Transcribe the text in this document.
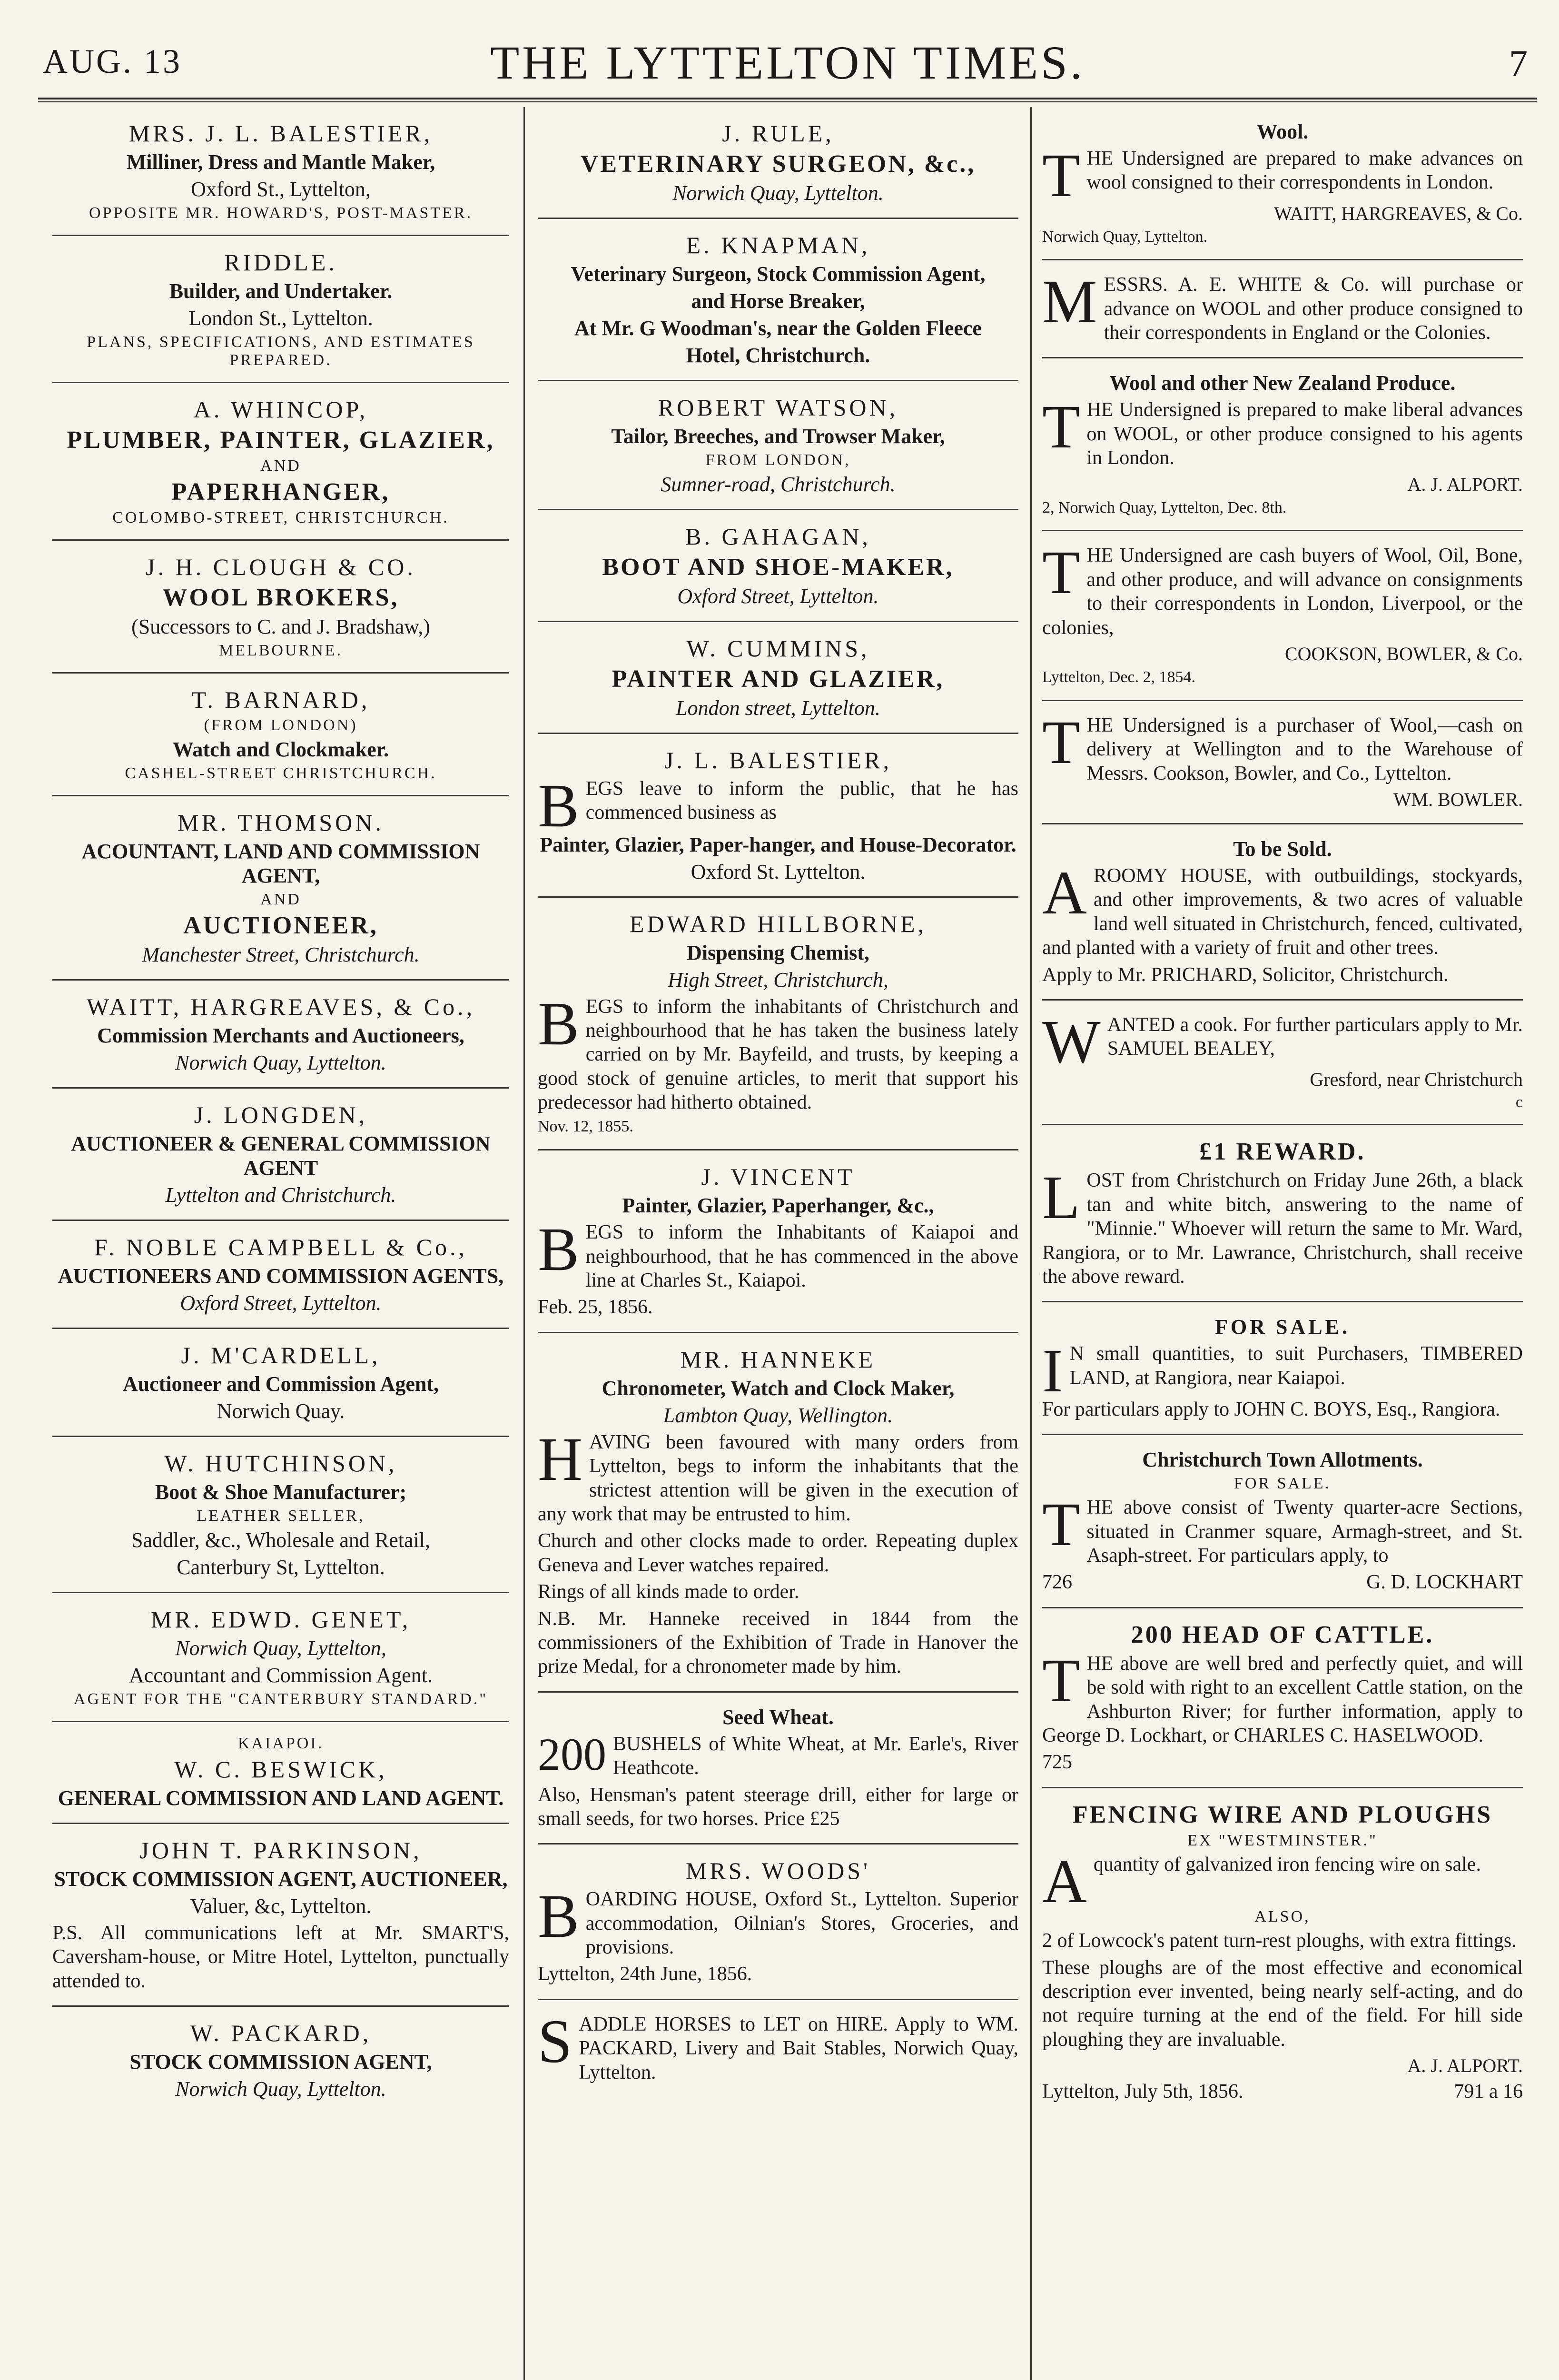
AUG. 13	THE LYTTELTON TIMES.	7

MRS. J. L. BALESTIER,

Milliner, Dress and Mantle Maker,

Oxford St., Lyttelton,

OPPOSITE MR. HOWARD'S, POST-MASTER.

RIDDLE.

Builder, and Undertaker.

London St., Lyttelton.

PLANS, SPECIFICATIONS, AND ESTIMATES PREPARED.

A. WHINCOP,

PLUMBER, PAINTER, GLAZIER,

AND

PAPERHANGER,

COLOMBO-STREET, CHRISTCHURCH.

J. H. CLOUGH & CO.

WOOL BROKERS,

(Successors to C. and J. Bradshaw,)

MELBOURNE.

T. BARNARD,

(FROM LONDON)

Watch and Clockmaker.

CASHEL-STREET CHRISTCHURCH.

MR. THOMSON.

ACOUNTANT, LAND AND COMMISSION AGENT,

AND

AUCTIONEER,

Manchester Street, Christchurch.

WAITT, HARGREAVES, & Co.,

Commission Merchants and Auctioneers,

Norwich Quay, Lyttelton.

J. LONGDEN,

AUCTIONEER & GENERAL COMMISSION AGENT

Lyttelton and Christchurch.

F. NOBLE CAMPBELL & Co.,

AUCTIONEERS AND COMMISSION AGENTS,

Oxford Street, Lyttelton.

J. M'CARDELL,

Auctioneer and Commission Agent,

Norwich Quay.

W. HUTCHINSON,

Boot & Shoe Manufacturer;

LEATHER SELLER,

Saddler, &c., Wholesale and Retail,

Canterbury St, Lyttelton.

MR. EDWD. GENET,

Norwich Quay, Lyttelton,

Accountant and Commission Agent.

AGENT FOR THE "CANTERBURY STANDARD."

KAIAPOI.

W. C. BESWICK,

GENERAL COMMISSION AND LAND AGENT.

JOHN T. PARKINSON,

STOCK COMMISSION AGENT, AUCTIONEER,

Valuer, &c, Lyttelton.

P.S. All communications left at Mr. SMART'S, Caversham-house, or Mitre Hotel, Lyttelton, punctually attended to.

W. PACKARD,

STOCK COMMISSION AGENT,

Norwich Quay, Lyttelton.

J. RULE,

VETERINARY SURGEON, &c.,

Norwich Quay, Lyttelton.

E. KNAPMAN,

Veterinary Surgeon, Stock Commission Agent,

and Horse Breaker,

At Mr. G Woodman's, near the Golden Fleece

Hotel, Christchurch.

ROBERT WATSON,

Tailor, Breeches, and Trowser Maker,

FROM LONDON,

Sumner-road, Christchurch.

B. GAHAGAN,

BOOT AND SHOE-MAKER,

Oxford Street, Lyttelton.

W. CUMMINS,

PAINTER AND GLAZIER,

London street, Lyttelton.

J. L. BALESTIER,

BEGS leave to inform the public, that he has commenced business as

Painter, Glazier, Paper-hanger, and House-Decorator.

Oxford St. Lyttelton.

EDWARD HILLBORNE,

Dispensing Chemist,

High Street, Christchurch,

BEGS to inform the inhabitants of Christchurch and neighbourhood that he has taken the business lately carried on by Mr. Bayfeild, and trusts, by keeping a good stock of genuine articles, to merit that support his predecessor had hitherto obtained.

Nov. 12, 1855.

J. VINCENT

Painter, Glazier, Paperhanger, &c.,

BEGS to inform the Inhabitants of Kaiapoi and neighbourhood, that he has commenced in the above line at Charles St., Kaiapoi.

Feb. 25, 1856.

MR. HANNEKE

Chronometer, Watch and Clock Maker,

Lambton Quay, Wellington.

HAVING been favoured with many orders from Lyttelton, begs to inform the inhabitants that the strictest attention will be given in the execution of any work that may be entrusted to him.

Church and other clocks made to order. Repeating duplex Geneva and Lever watches repaired.

Rings of all kinds made to order.

N.B. Mr. Hanneke received in 1844 from the commissioners of the Exhibition of Trade in Hanover the prize Medal, for a chronometer made by him.

Seed Wheat.

200 BUSHELS of White Wheat, at Mr. Earle's, River Heathcote.

Also, Hensman's patent steerage drill, either for large or small seeds, for two horses. Price £25

MRS. WOODS'

BOARDING HOUSE, Oxford St., Lyttelton. Superior accommodation, Oilnian's Stores, Groceries, and provisions.

Lyttelton, 24th June, 1856.

SADDLE HORSES to LET on HIRE. Apply to WM. PACKARD, Livery and Bait Stables, Norwich Quay, Lyttelton.

Wool.

THE Undersigned are prepared to make advances on wool consigned to their correspondents in London.

WAITT, HARGREAVES, & Co.

Norwich Quay, Lyttelton.

MESSRS. A. E. WHITE & Co. will purchase or advance on WOOL and other produce consigned to their correspondents in England or the Colonies.

Wool and other New Zealand Produce.

THE Undersigned is prepared to make liberal advances on WOOL, or other produce consigned to his agents in London.

A. J. ALPORT.

2, Norwich Quay, Lyttelton, Dec. 8th.

THE Undersigned are cash buyers of Wool, Oil, Bone, and other produce, and will advance on consignments to their correspondents in London, Liverpool, or the colonies,

COOKSON, BOWLER, & Co.

Lyttelton, Dec. 2, 1854.

THE Undersigned is a purchaser of Wool,—cash on delivery at Wellington and to the Warehouse of Messrs. Cookson, Bowler, and Co., Lyttelton.

WM. BOWLER.

To be Sold.

AROOMY HOUSE, with outbuildings, stockyards, and other improvements, & two acres of valuable land well situated in Christchurch, fenced, cultivated, and planted with a variety of fruit and other trees.

Apply to Mr. PRICHARD, Solicitor, Christchurch.

WANTED a cook. For further particulars apply to Mr. SAMUEL BEALEY,

Gresford, near Christchurch

c

£1 REWARD.

LOST from Christchurch on Friday June 26th, a black tan and white bitch, answering to the name of "Minnie." Whoever will return the same to Mr. Ward, Rangiora, or to Mr. Lawrance, Christchurch, shall receive the above reward.

FOR SALE.

I N small quantities, to suit Purchasers, TIMBERED LAND, at Rangiora, near Kaiapoi.

For particulars apply to JOHN C. BOYS, Esq., Rangiora.

Christchurch Town Allotments.

FOR SALE.

THE above consist of Twenty quarter-acre Sections, situated in Cranmer square, Armagh-street, and St. Asaph-street. For particulars apply, to

726	G. D. LOCKHART

200 HEAD OF CATTLE.

THE above are well bred and perfectly quiet, and will be sold with right to an excellent Cattle station, on the Ashburton River; for further information, apply to George D. Lockhart, or CHARLES C. HASELWOOD.

725

FENCING WIRE AND PLOUGHS

EX "WESTMINSTER."

Aquantity of galvanized iron fencing wire on sale.

ALSO,

2 of Lowcock's patent turn-rest ploughs, with extra fittings.

These ploughs are of the most effective and economical description ever invented, being nearly self-acting, and do not require turning at the end of the field. For hill side ploughing they are invaluable.

A. J. ALPORT.

Lyttelton, July 5th, 1856.	791 a 16
